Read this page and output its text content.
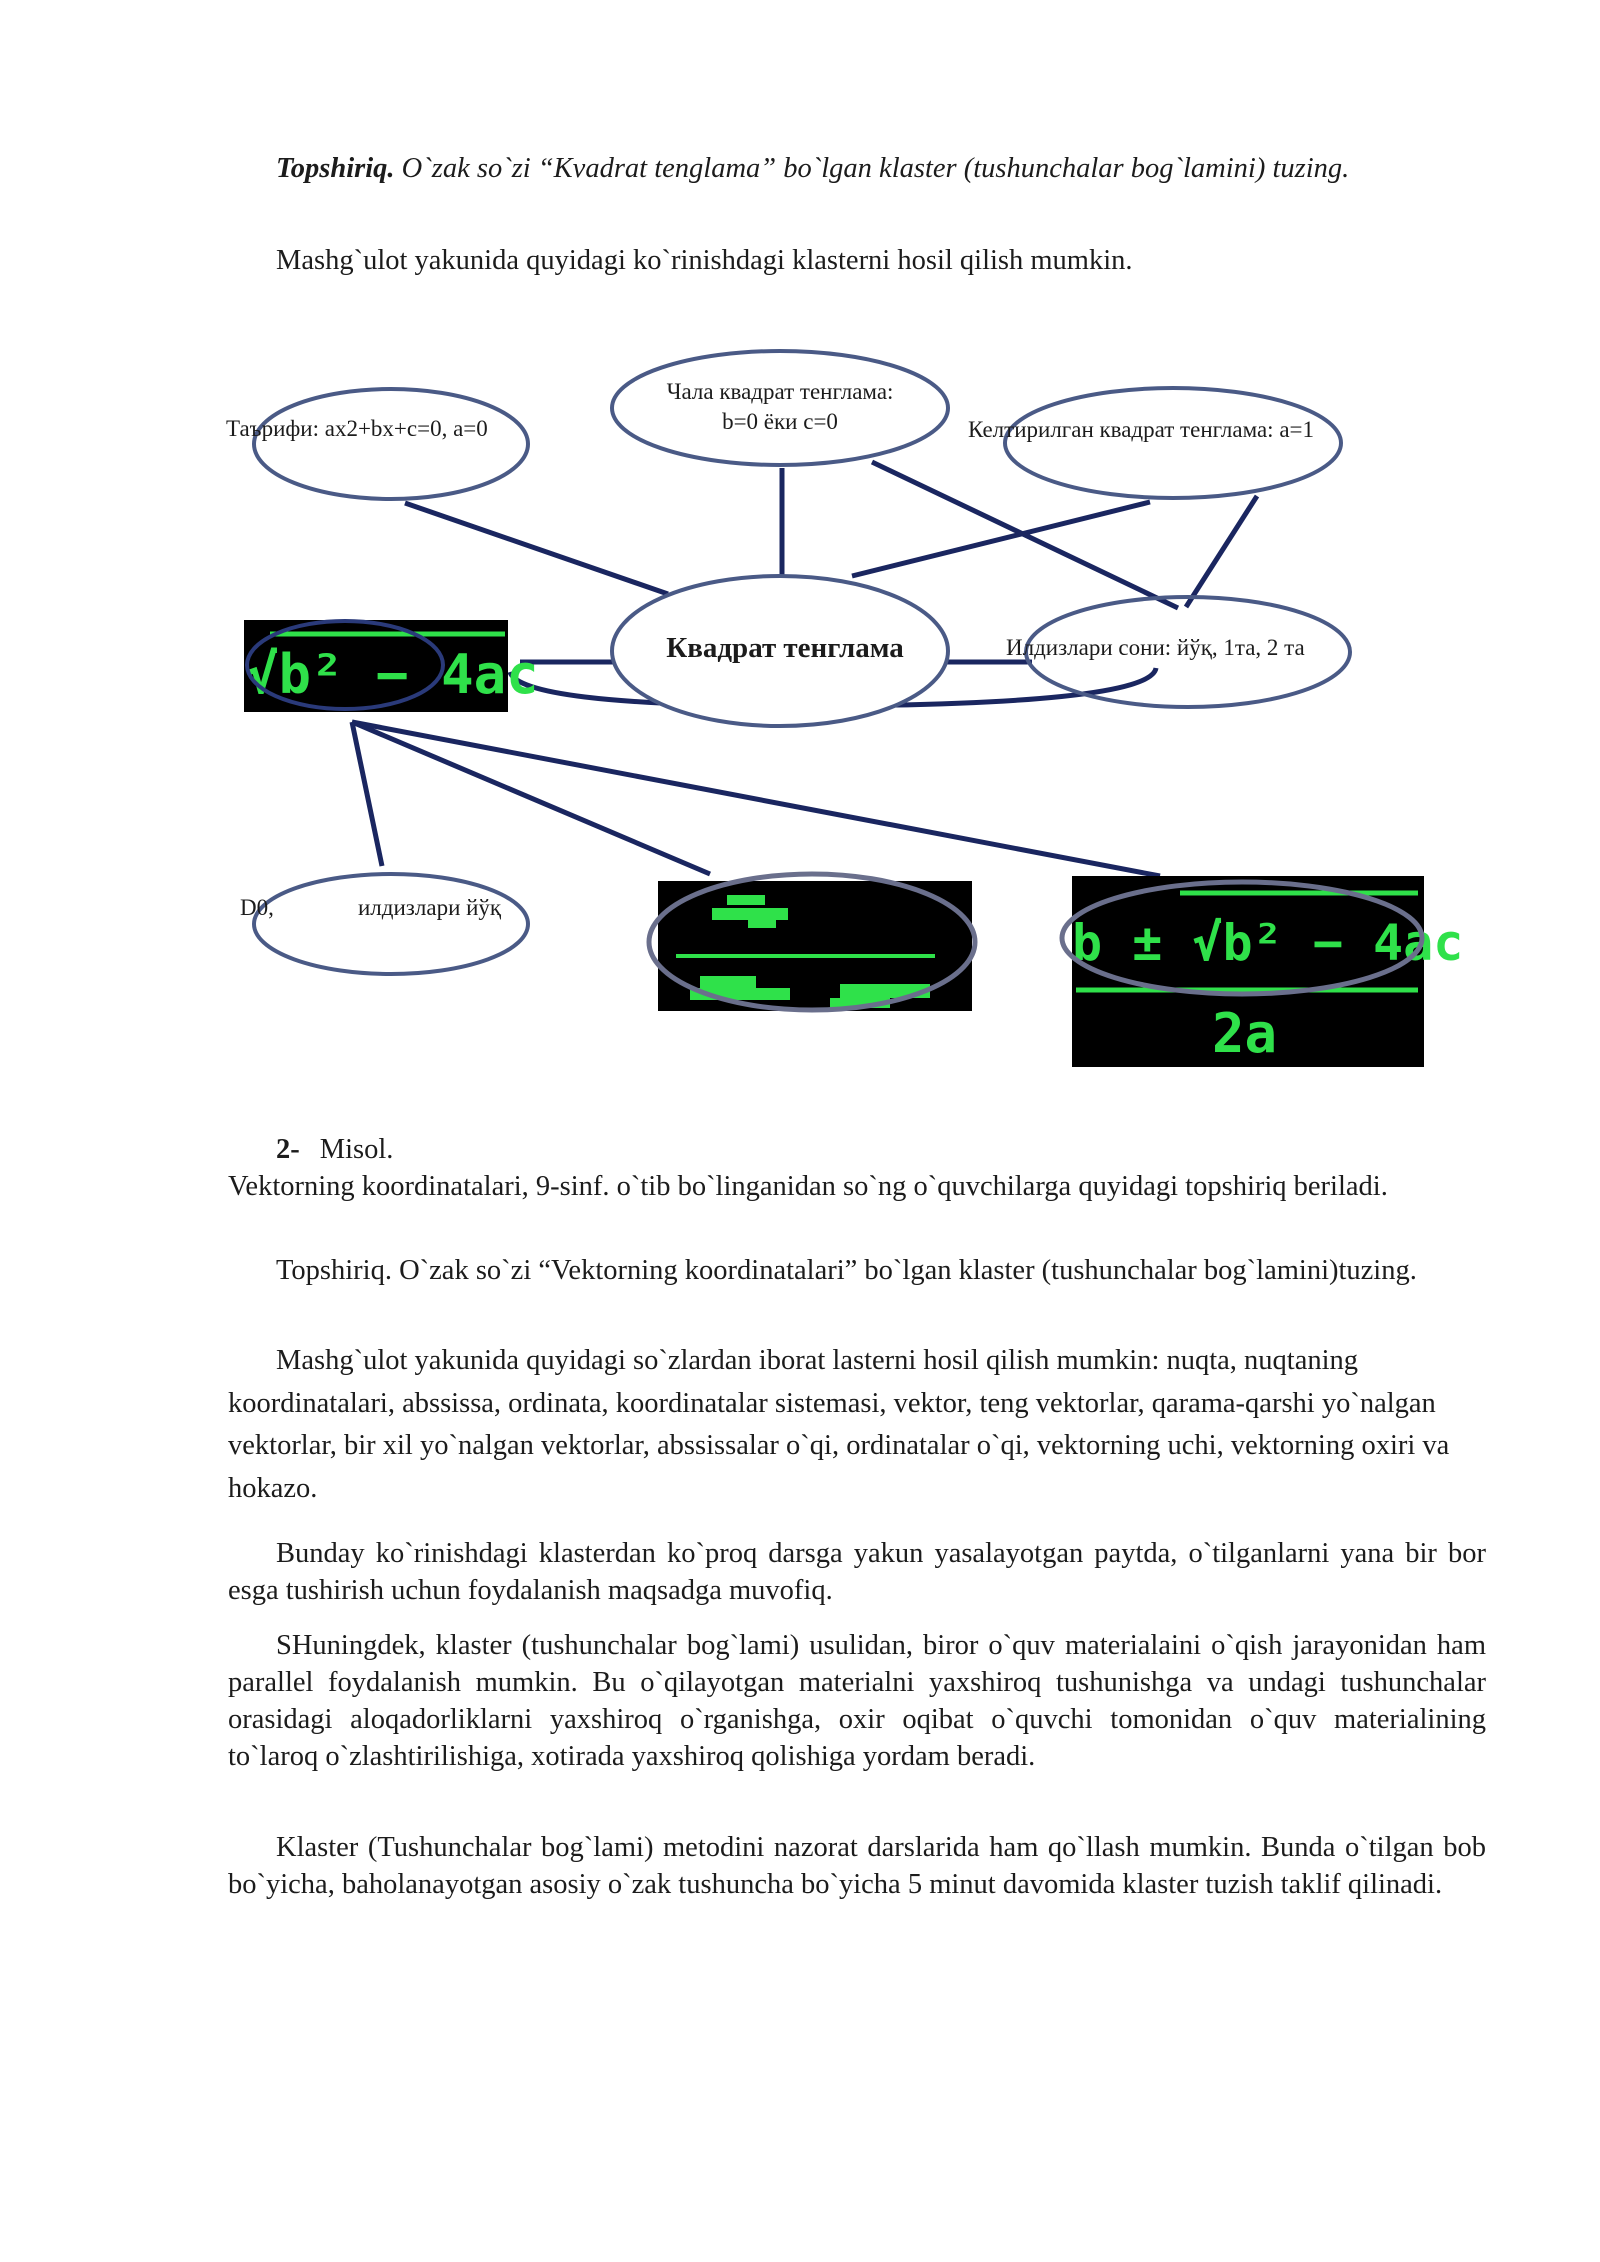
Topshiriq. O`zak so`zi “Kvadrat tenglama” bo`lgan klaster (tushunchalar bog`lamini) tuzing.

Mashg`ulot yakunida quyidagi ko`rinishdagi klasterni hosil qilish mumkin.

√b² − 4ac
b ± √b² − 4ac
2a
Таърифи: ax2+bx+c=0, a=0
Чала квадрат тенглама:
b=0 ёки c=0	Келтирилган квадрат тенглама: a=1
Квадрат тенглама	Илдизлари сони: йўқ, 1та, 2 та
D0,	илдизлари йўқ

2- Misol.

Vektorning koordinatalari, 9-sinf. o`tib bo`linganidan so`ng o`quvchilarga quyidagi topshiriq beriladi.

Topshiriq. O`zak so`zi “Vektorning koordinatalari” bo`lgan klaster (tushunchalar bog`lamini)tuzing.

Mashg`ulot yakunida quyidagi so`zlardan iborat lasterni hosil qilish mumkin: nuqta, nuqtaning koordinatalari, abssissa, ordinata, koordinatalar sistemasi, vektor, teng vektorlar, qarama-qarshi yo`nalgan vektorlar, bir xil yo`nalgan vektorlar, abssissalar o`qi, ordinatalar o`qi, vektorning uchi, vektorning oxiri va hokazo.

Bunday ko`rinishdagi klasterdan ko`proq darsga yakun yasalayotgan paytda, o`tilganlarni yana bir bor esga tushirish uchun foydalanish maqsadga muvofiq.

SHuningdek, klaster (tushunchalar bog`lami) usulidan, biror o`quv materialaini o`qish jarayonidan ham parallel foydalanish mumkin. Bu o`qilayotgan materialni yaxshiroq tushunishga va undagi tushunchalar orasidagi aloqadorliklarni yaxshiroq o`rganishga, oxir oqibat o`quvchi tomonidan o`quv materialining to`laroq o`zlashtirilishiga, xotirada yaxshiroq qolishiga yordam beradi.

Klaster (Tushunchalar bog`lami) metodini nazorat darslarida ham qo`llash mumkin. Bunda o`tilgan bob bo`yicha, baholanayotgan asosiy o`zak tushuncha bo`yicha 5 minut davomida klaster tuzish taklif qilinadi.
